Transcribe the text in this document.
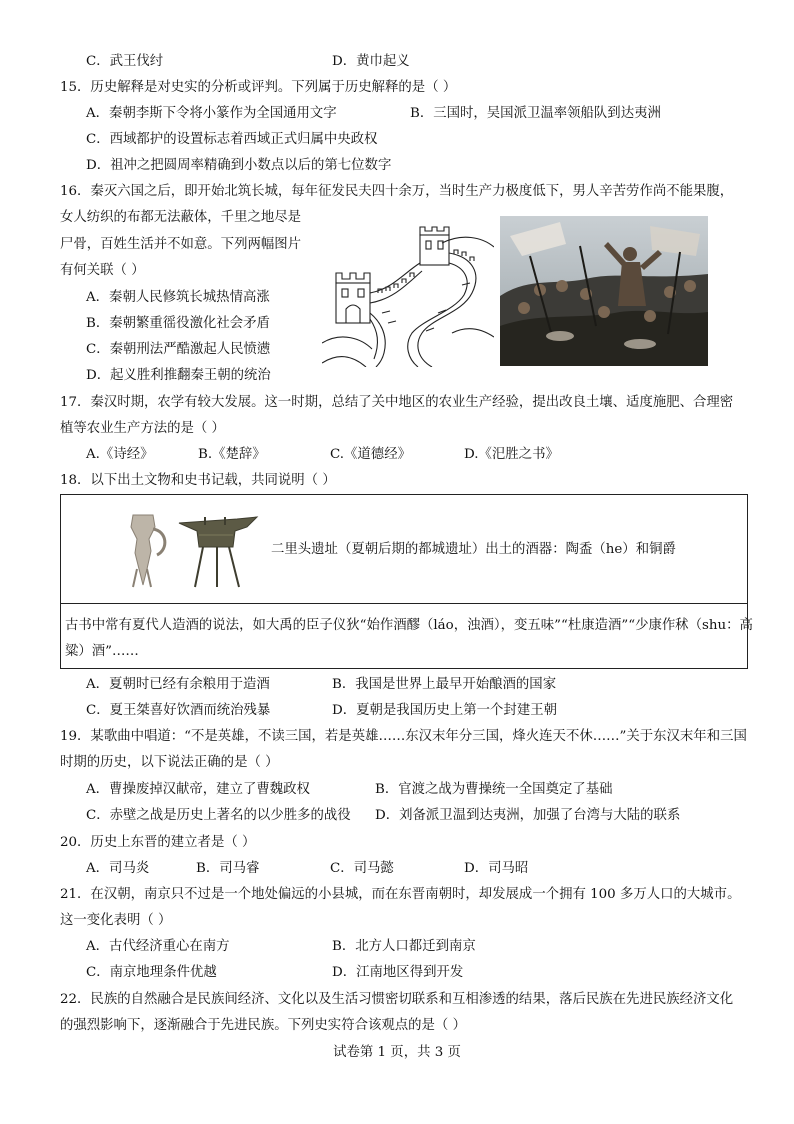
C．武王伐纣	D．黄巾起义
15．历史解释是对史实的分析或评判。下列属于历史解释的是（ ）
A．秦朝李斯下令将小篆作为全国通用文字	B．三国时，吴国派卫温率领船队到达夷洲
C．西域都护的设置标志着西域正式归属中央政权
D．祖冲之把圆周率精确到小数点以后的第七位数字
16．秦灭六国之后，即开始北筑长城，每年征发民夫四十余万，当时生产力极度低下，男人辛苦劳作尚不能果腹，
女人纺织的布都无法蔽体，千里之地尽是
尸骨，百姓生活并不如意。下列两幅图片
有何关联（ ）
A．秦朝人民修筑长城热情高涨
B．秦朝繁重徭役激化社会矛盾
C．秦朝刑法严酷激起人民愤懑
D．起义胜利推翻秦王朝的统治
17．秦汉时期，农学有较大发展。这一时期，总结了关中地区的农业生产经验，提出改良土壤、适度施肥、合理密
植等农业生产方法的是（ ）
A.《诗经》	B.《楚辞》	C.《道德经》	D.《汜胜之书》
18．以下出土文物和史书记载，共同说明（ ）
二里头遗址（夏朝后期的都城遗址）出土的酒器：陶盉（he）和铜爵
古书中常有夏代人造酒的说法，如大禹的臣子仪狄“始作酒醪（láo，浊酒），变五味”“杜康造酒”“少康作秫（shu：高
粱）酒”……
A．夏朝时已经有余粮用于造酒	B．我国是世界上最早开始酿酒的国家
C．夏王桀喜好饮酒而统治残暴	D．夏朝是我国历史上第一个封建王朝
19．某歌曲中唱道：“不是英雄，不读三国，若是英雄……东汉末年分三国，烽火连天不休……”关于东汉末年和三国
时期的历史，以下说法正确的是（ ）
A．曹操废掉汉献帝，建立了曹魏政权	B．官渡之战为曹操统一全国奠定了基础
C．赤壁之战是历史上著名的以少胜多的战役 D．刘备派卫温到达夷洲，加强了台湾与大陆的联系
20．历史上东晋的建立者是（ ）
A．司马炎	B．司马睿	C．司马懿	D．司马昭
21．在汉朝，南京只不过是一个地处偏远的小县城，而在东晋南朝时，却发展成一个拥有 100 多万人口的大城市。
这一变化表明（ ）
A．古代经济重心在南方	B．北方人口都迁到南京
C．南京地理条件优越	D．江南地区得到开发
22．民族的自然融合是民族间经济、文化以及生活习惯密切联系和互相渗透的结果，落后民族在先进民族经济文化
的强烈影响下，逐渐融合于先进民族。下列史实符合该观点的是（ ）
试卷第 1 页，共 3 页
